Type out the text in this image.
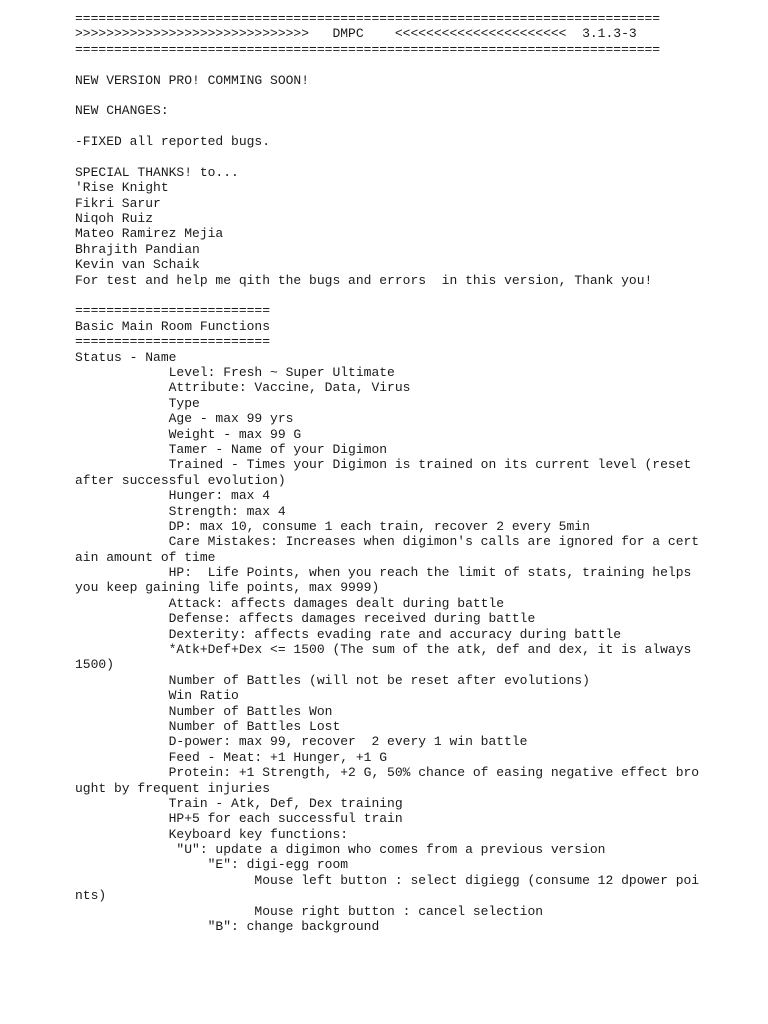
===========================================================================
>>>>>>>>>>>>>>>>>>>>>>>>>>>>>>   DMPC    <<<<<<<<<<<<<<<<<<<<<<  3.1.3-3
===========================================================================
NEW VERSION PRO! COMMING SOON!
NEW CHANGES:
-FIXED all reported bugs.
SPECIAL THANKS! to...
'Rise Knight
Fikri Sarur
Niqoh Ruiz
Mateo Ramirez Mejia
Bhrajith Pandian
Kevin van Schaik
For test and help me qith the bugs and errors  in this version, Thank you!
=========================
Basic Main Room Functions
=========================
Status - Name
Level: Fresh ~ Super Ultimate
Attribute: Vaccine, Data, Virus
Type
Age - max 99 yrs
Weight - max 99 G
Tamer - Name of your Digimon
Trained - Times your Digimon is trained on its current level (reset
after successful evolution)
Hunger: max 4
Strength: max 4
DP: max 10, consume 1 each train, recover 2 every 5min
Care Mistakes: Increases when digimon's calls are ignored for a cert
ain amount of time
HP:  Life Points, when you reach the limit of stats, training helps
you keep gaining life points, max 9999)
Attack: affects damages dealt during battle
Defense: affects damages received during battle
Dexterity: affects evading rate and accuracy during battle
*Atk+Def+Dex <= 1500 (The sum of the atk, def and dex, it is always
1500)
Number of Battles (will not be reset after evolutions)
Win Ratio
Number of Battles Won
Number of Battles Lost
D-power: max 99, recover  2 every 1 win battle
Feed - Meat: +1 Hunger, +1 G
Protein: +1 Strength, +2 G, 50% chance of easing negative effect bro
ught by frequent injuries
Train - Atk, Def, Dex training
HP+5 for each successful train
Keyboard key functions:
"U": update a digimon who comes from a previous version
"E": digi-egg room
Mouse left button : select digiegg (consume 12 dpower poi
nts)
Mouse right button : cancel selection
"B": change background
